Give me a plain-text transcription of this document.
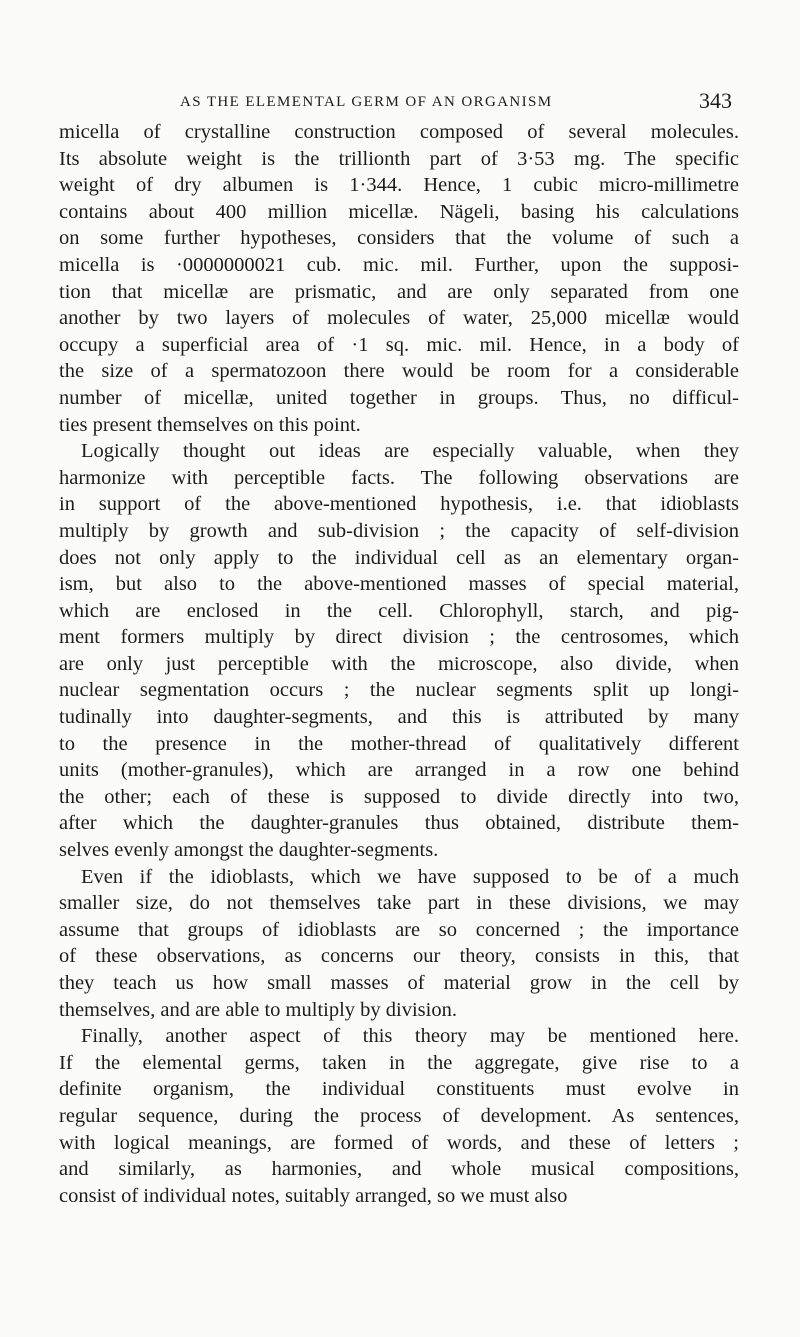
AS THE ELEMENTAL GERM OF AN ORGANISM	343
micella of crystalline construction composed of several molecules.
Its absolute weight is the trillionth part of 3·53 mg. The specific
weight of dry albumen is 1·344. Hence, 1 cubic micro-millimetre
contains about 400 million micellæ. Nägeli, basing his calculations
on some further hypotheses, considers that the volume of such a
micella is ·0000000021 cub. mic. mil. Further, upon the supposi-
tion that micellæ are prismatic, and are only separated from one
another by two layers of molecules of water, 25,000 micellæ would
occupy a superficial area of ·1 sq. mic. mil. Hence, in a body of
the size of a spermatozoon there would be room for a considerable
number of micellæ, united together in groups. Thus, no difficul-
ties present themselves on this point.
Logically thought out ideas are especially valuable, when they
harmonize with perceptible facts. The following observations are
in support of the above-mentioned hypothesis, i.e. that idioblasts
multiply by growth and sub-division ; the capacity of self-division
does not only apply to the individual cell as an elementary organ-
ism, but also to the above-mentioned masses of special material,
which are enclosed in the cell. Chlorophyll, starch, and pig-
ment formers multiply by direct division ; the centrosomes, which
are only just perceptible with the microscope, also divide, when
nuclear segmentation occurs ; the nuclear segments split up longi-
tudinally into daughter-segments, and this is attributed by many
to the presence in the mother-thread of qualitatively different
units (mother-granules), which are arranged in a row one behind
the other; each of these is supposed to divide directly into two,
after which the daughter-granules thus obtained, distribute them-
selves evenly amongst the daughter-segments.
Even if the idioblasts, which we have supposed to be of a much
smaller size, do not themselves take part in these divisions, we may
assume that groups of idioblasts are so concerned ; the importance
of these observations, as concerns our theory, consists in this, that
they teach us how small masses of material grow in the cell by
themselves, and are able to multiply by division.
Finally, another aspect of this theory may be mentioned here.
If the elemental germs, taken in the aggregate, give rise to a
definite organism, the individual constituents must evolve in
regular sequence, during the process of development. As sentences,
with logical meanings, are formed of words, and these of letters ;
and similarly, as harmonies, and whole musical compositions,
consist of individual notes, suitably arranged, so we must also
